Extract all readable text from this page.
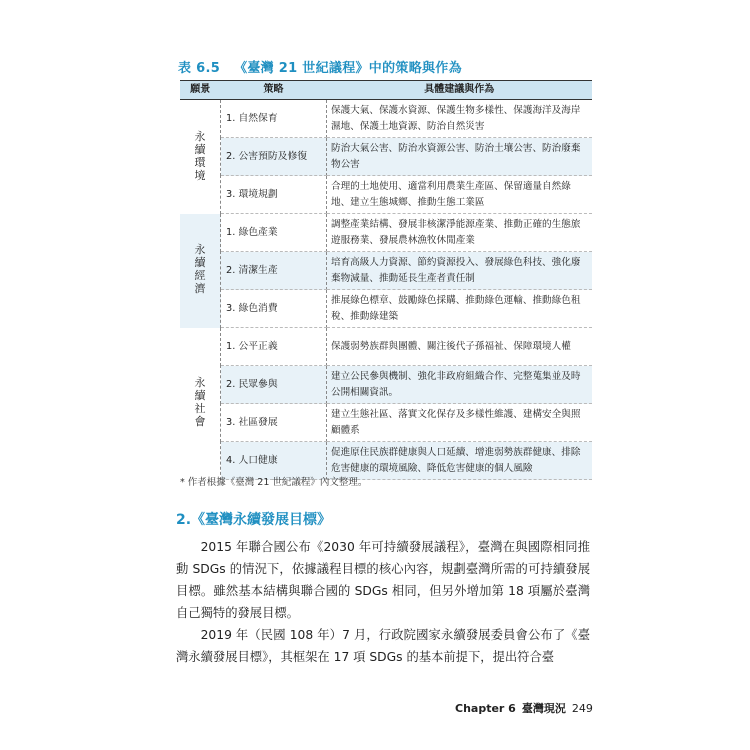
表 6.5 《臺灣 21 世紀議程》中的策略與作為
願景	策略	具體建議與作為
永續環境	1. 自然保育	保護大氣、保護水資源、保護生物多樣性、保護海洋及海岸濕地、保護土地資源、防治自然災害
	2. 公害預防及修復	防治大氣公害、防治水資源公害、防治土壤公害、防治廢棄物公害
	3. 環境規劃	合理的土地使用、適當利用農業生產區、保留適量自然綠地、建立生態城鄉、推動生態工業區
永續經濟	1. 綠色產業	調整產業結構、發展非核潔淨能源產業、推動正確的生態旅遊服務業、發展農林漁牧休閒產業
	2. 清潔生產	培育高級人力資源、節約資源投入、發展綠色科技、強化廢棄物減量、推動延長生產者責任制
	3. 綠色消費	推展綠色標章、鼓勵綠色採購、推動綠色運輸、推動綠色租稅、推動綠建築
永續社會	1. 公平正義	保護弱勢族群與團體、關注後代子孫福祉、保障環境人權
	2. 民眾參與	建立公民參與機制、強化非政府組織合作、完整蒐集並及時公開相關資訊。
	3. 社區發展	建立生態社區、落實文化保存及多樣性維護、建構安全與照顧體系
	4. 人口健康	促進原住民族群健康與人口延續、增進弱勢族群健康、排除危害健康的環境風險、降低危害健康的個人風險
* 作者根據《臺灣 21 世紀議程》內文整理。
2.《臺灣永續發展目標》

2015 年聯合國公布《2030 年可持續發展議程》，臺灣在與國際相同推動 SDGs 的情況下，依據議程目標的核心內容，規劃臺灣所需的可持續發展目標。雖然基本結構與聯合國的 SDGs 相同，但另外增加第 18 項屬於臺灣自己獨特的發展目標。

2019 年（民國 108 年）7 月，行政院國家永續發展委員會公布了《臺灣永續發展目標》，其框架在 17 項 SDGs 的基本前提下，提出符合臺

Chapter 6 臺灣現況 249
